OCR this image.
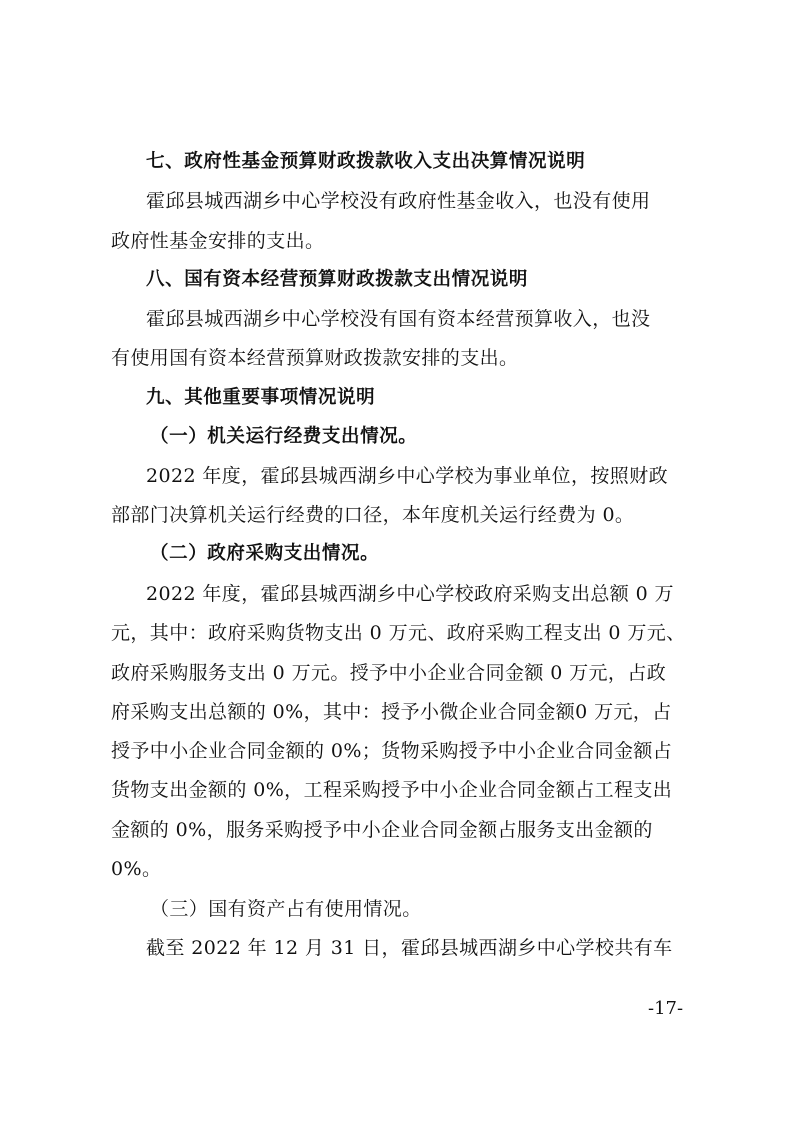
七、政府性基金预算财政拨款收入支出决算情况说明
霍邱县城西湖乡中心学校没有政府性基金收入，也没有使用
政府性基金安排的支出。
八、国有资本经营预算财政拨款支出情况说明
霍邱县城西湖乡中心学校没有国有资本经营预算收入，也没
有使用国有资本经营预算财政拨款安排的支出。
九、其他重要事项情况说明
（一）机关运行经费支出情况。
2022 年度，霍邱县城西湖乡中心学校为事业单位，按照财政
部部门决算机关运行经费的口径，本年度机关运行经费为 0。
（二）政府采购支出情况。
2022 年度，霍邱县城西湖乡中心学校政府采购支出总额 0 万
元，其中：政府采购货物支出 0 万元、政府采购工程支出 0 万元、
政府采购服务支出 0 万元。授予中小企业合同金额 0 万元，占政
府采购支出总额的 0%，其中：授予小微企业合同金额0 万元，占
授予中小企业合同金额的 0%；货物采购授予中小企业合同金额占
货物支出金额的 0%，工程采购授予中小企业合同金额占工程支出
金额的 0%，服务采购授予中小企业合同金额占服务支出金额的
0%。
（三）国有资产占有使用情况。
截至 2022 年 12 月 31 日，霍邱县城西湖乡中心学校共有车
-17-
